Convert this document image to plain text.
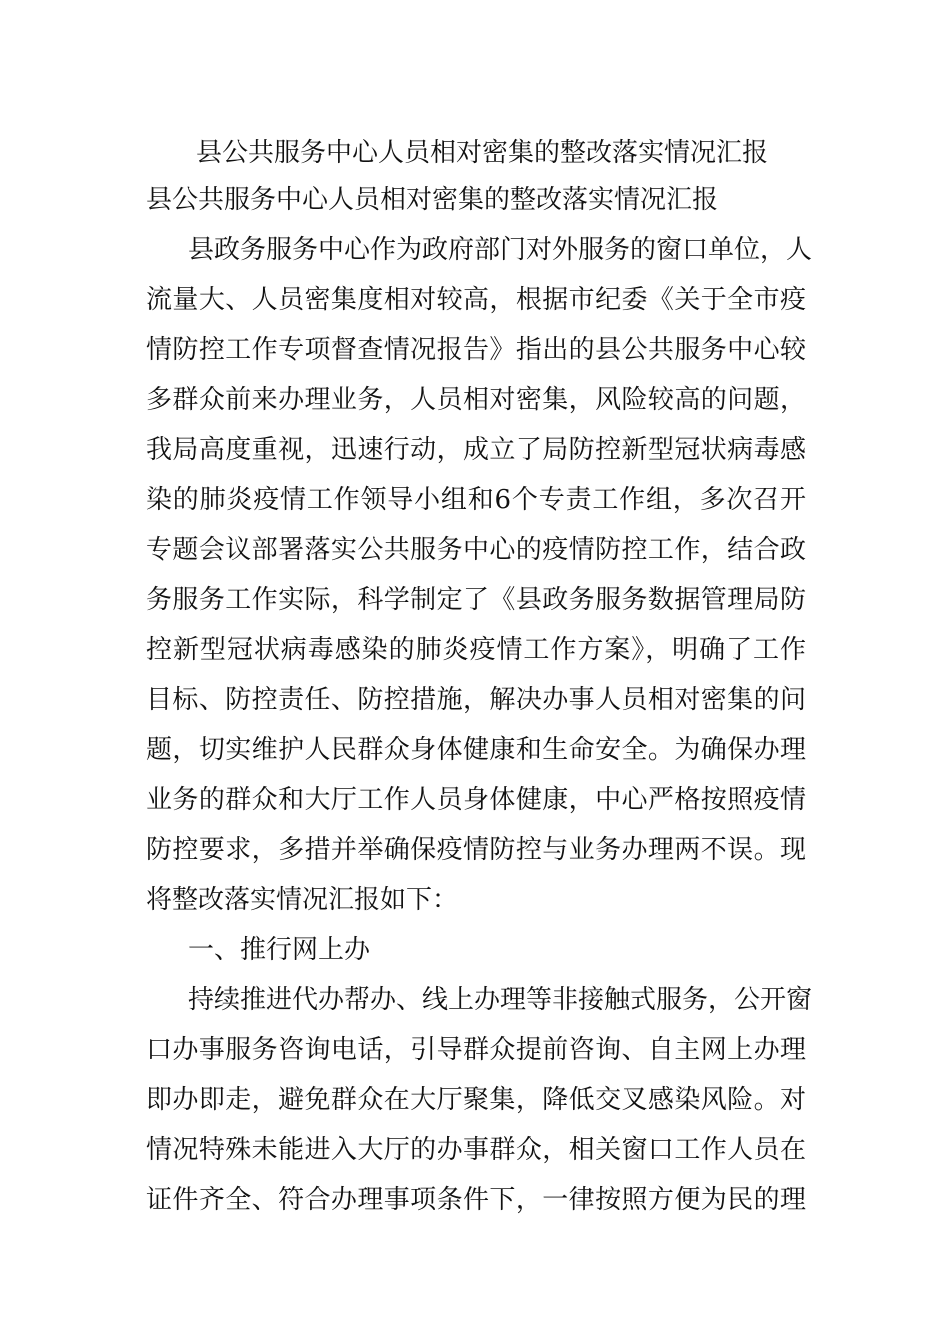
县公共服务中心人员相对密集的整改落实情况汇报
县公共服务中心人员相对密集的整改落实情况汇报
县政务服务中心作为政府部门对外服务的窗口单位，人
流量大、人员密集度相对较高，根据市纪委《关于全市疫
情防控工作专项督查情况报告》指出的县公共服务中心较
多群众前来办理业务，人员相对密集，风险较高的问题，
我局高度重视，迅速行动，成立了局防控新型冠状病毒感
染的肺炎疫情工作领导小组和6个专责工作组，多次召开
专题会议部署落实公共服务中心的疫情防控工作，结合政
务服务工作实际，科学制定了《县政务服务数据管理局防
控新型冠状病毒感染的肺炎疫情工作方案》，明确了工作
目标、防控责任、防控措施，解决办事人员相对密集的问
题，切实维护人民群众身体健康和生命安全。为确保办理
业务的群众和大厅工作人员身体健康，中心严格按照疫情
防控要求，多措并举确保疫情防控与业务办理两不误。现
将整改落实情况汇报如下：
一、推行网上办
持续推进代办帮办、线上办理等非接触式服务，公开窗
口办事服务咨询电话，引导群众提前咨询、自主网上办理
即办即走，避免群众在大厅聚集，降低交叉感染风险。对
情况特殊未能进入大厅的办事群众，相关窗口工作人员在
证件齐全、符合办理事项条件下，一律按照方便为民的理
